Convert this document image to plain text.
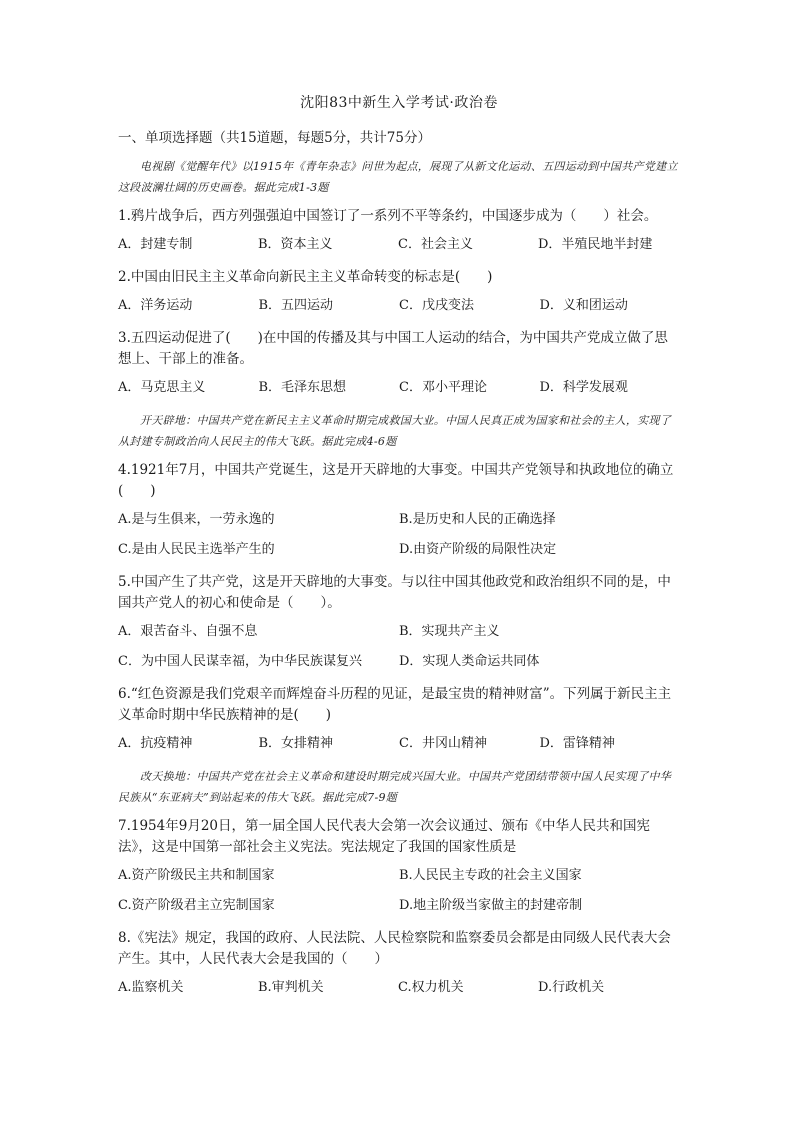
沈阳83中新生入学考试·政治卷
一、单项选择题（共15道题，每题5分，共计75分）
电视剧《觉醒年代》以1915年《青年杂志》问世为起点，展现了从新文化运动、五四运动到中国共产党建立这段波澜壮阔的历史画卷。据此完成1-3题
1.鸦片战争后，西方列强强迫中国签订了一系列不平等条约，中国逐步成为（　　）社会。
A．封建专制	B．资本主义	C．社会主义	D．半殖民地半封建
2.中国由旧民主主义革命向新民主主义革命转变的标志是(　　)
A．洋务运动	B．五四运动	C．戊戌变法	D．义和团运动
3.五四运动促进了(　　)在中国的传播及其与中国工人运动的结合，为中国共产党成立做了思想上、干部上的准备。
A．马克思主义	B．毛泽东思想	C．邓小平理论	D．科学发展观
开天辟地：中国共产党在新民主主义革命时期完成救国大业。中国人民真正成为国家和社会的主人，实现了从封建专制政治向人民民主的伟大飞跃。据此完成4-6题
4.1921年7月，中国共产党诞生，这是开天辟地的大事变。中国共产党领导和执政地位的确立(　　)
A.是与生俱来，一劳永逸的	B.是历史和人民的正确选择
C.是由人民民主选举产生的	D.由资产阶级的局限性决定
5.中国产生了共产党，这是开天辟地的大事变。与以往中国其他政党和政治组织不同的是，中国共产党人的初心和使命是（　　）。
A．艰苦奋斗、自强不息	B．实现共产主义
C．为中国人民谋幸福，为中华民族谋复兴	D．实现人类命运共同体
6.“红色资源是我们党艰辛而辉煌奋斗历程的见证，是最宝贵的精神财富”。下列属于新民主主义革命时期中华民族精神的是(　　)
A．抗疫精神	B．女排精神	C．井冈山精神	D．雷锋精神
改天换地：中国共产党在社会主义革命和建设时期完成兴国大业。中国共产党团结带领中国人民实现了中华民族从“东亚病夫”到站起来的伟大飞跃。据此完成7-9题
7.1954年9月20日，第一届全国人民代表大会第一次会议通过、颁布《中华人民共和国宪法》，这是中国第一部社会主义宪法。宪法规定了我国的国家性质是
A.资产阶级民主共和制国家	B.人民民主专政的社会主义国家
C.资产阶级君主立宪制国家	D.地主阶级当家做主的封建帝制
8.《宪法》规定，我国的政府、人民法院、人民检察院和监察委员会都是由同级人民代表大会产生。其中，人民代表大会是我国的（　　）
A.监察机关	B.审判机关	C.权力机关	D.行政机关
